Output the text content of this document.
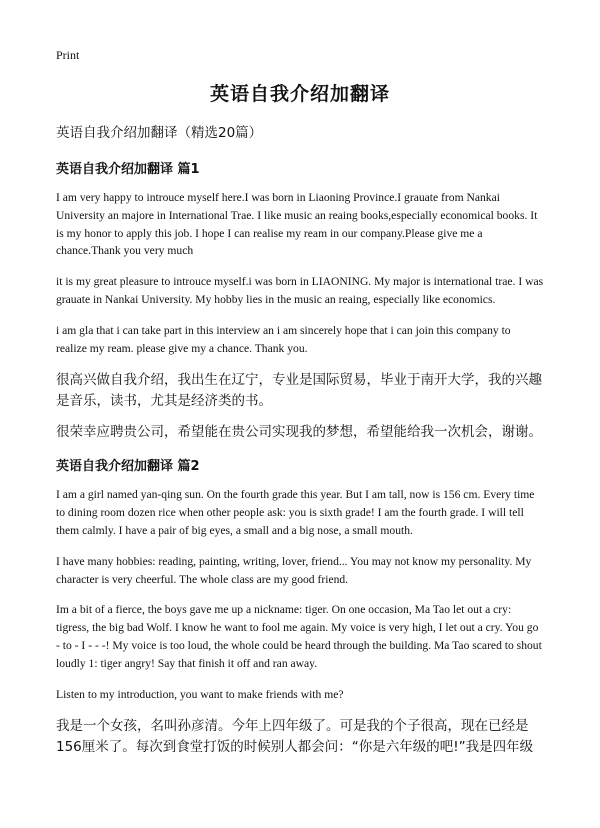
Print
英语自我介绍加翻译
英语自我介绍加翻译（精选20篇）
英语自我介绍加翻译 篇1

I am very happy to introuce myself here.I was born in Liaoning Province.I grauate from Nankai University an majore in International Trae. I like music an reaing books,especially economical books. It is my honor to apply this job. I hope I can realise my ream in our company.Please give me a chance.Thank you very much

it is my great pleasure to introuce myself.i was born in LIAONING. My major is international trae. I was grauate in Nankai University. My hobby lies in the music an reaing, especially like economics.

i am gla that i can take part in this interview an i am sincerely hope that i can join this company to realize my ream. please give my a chance. Thank you.

很高兴做自我介绍，我出生在辽宁，专业是国际贸易，毕业于南开大学，我的兴趣是音乐，读书，尤其是经济类的书。

很荣幸应聘贵公司，希望能在贵公司实现我的梦想，希望能给我一次机会，谢谢。

英语自我介绍加翻译 篇2

I am a girl named yan-qing sun. On the fourth grade this year. But I am tall, now is 156 cm. Every time to dining room dozen rice when other people ask: you is sixth grade! I am the fourth grade. I will tell them calmly. I have a pair of big eyes, a small and a big nose, a small mouth.

I have many hobbies: reading, painting, writing, lover, friend... You may not know my personality. My character is very cheerful. The whole class are my good friend.

Im a bit of a fierce, the boys gave me up a nickname: tiger. On one occasion, Ma Tao let out a cry: tigress, the big bad Wolf. I know he want to fool me again. My voice is very high, I let out a cry. You go - to - I - - -! My voice is too loud, the whole could be heard through the building. Ma Tao scared to shout loudly 1: tiger angry! Say that finish it off and ran away.

Listen to my introduction, you want to make friends with me?

我是一个女孩，名叫孙彦清。今年上四年级了。可是我的个子很高，现在已经是156厘米了。每次到食堂打饭的时候别人都会问：“你是六年级的吧!”我是四年级
